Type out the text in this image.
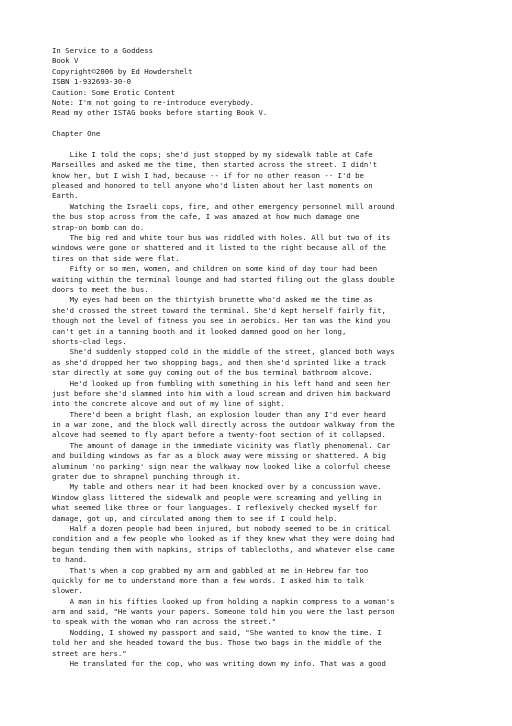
In Service to a Goddess
Book V
Copyright©2006 by Ed Howdershelt
ISBN 1-932693-30-0
Caution: Some Erotic Content
Note: I'm not going to re-introduce everybody.
Read my other ISTAG books before starting Book V.
Chapter One
Like I told the cops; she'd just stopped by my sidewalk table at Cafe
Marseilles and asked me the time, then started across the street. I didn't
know her, but I wish I had, because -- if for no other reason -- I'd be
pleased and honored to tell anyone who'd listen about her last moments on
Earth.
Watching the Israeli cops, fire, and other emergency personnel mill around
the bus stop across from the cafe, I was amazed at how much damage one
strap-on bomb can do.
The big red and white tour bus was riddled with holes. All but two of its
windows were gone or shattered and it listed to the right because all of the
tires on that side were flat.
Fifty or so men, women, and children on some kind of day tour had been
waiting within the terminal lounge and had started filing out the glass double
doors to meet the bus.
My eyes had been on the thirtyish brunette who'd asked me the time as
she'd crossed the street toward the terminal. She'd kept herself fairly fit,
though not the level of fitness you see in aerobics. Her tan was the kind you
can't get in a tanning booth and it looked damned good on her long,
shorts-clad legs.
She'd suddenly stopped cold in the middle of the street, glanced both ways
as she'd dropped her two shopping bags, and then she'd sprinted like a track
star directly at some guy coming out of the bus terminal bathroom alcove.
He'd looked up from fumbling with something in his left hand and seen her
just before she'd slammed into him with a loud scream and driven him backward
into the concrete alcove and out of my line of sight.
There'd been a bright flash, an explosion louder than any I'd ever heard
in a war zone, and the block wall directly across the outdoor walkway from the
alcove had seemed to fly apart before a twenty-foot section of it collapsed.
The amount of damage in the immediate vicinity was flatly phenomenal. Car
and building windows as far as a block away were missing or shattered. A big
aluminum 'no parking' sign near the walkway now looked like a colorful cheese
grater due to shrapnel punching through it.
My table and others near it had been knocked over by a concussion wave.
Window glass littered the sidewalk and people were screaming and yelling in
what seemed like three or four languages. I reflexively checked myself for
damage, got up, and circulated among them to see if I could help.
Half a dozen people had been injured, but nobody seemed to be in critical
condition and a few people who looked as if they knew what they were doing had
begun tending them with napkins, strips of tablecloths, and whatever else came
to hand.
That's when a cop grabbed my arm and gabbled at me in Hebrew far too
quickly for me to understand more than a few words. I asked him to talk
slower.
A man in his fifties looked up from holding a napkin compress to a woman's
arm and said, "He wants your papers. Someone told him you were the last person
to speak with the woman who ran across the street."
Nodding, I showed my passport and said, "She wanted to know the time. I
told her and she headed toward the bus. Those two bags in the middle of the
street are hers."
He translated for the cop, who was writing down my info. That was a good
